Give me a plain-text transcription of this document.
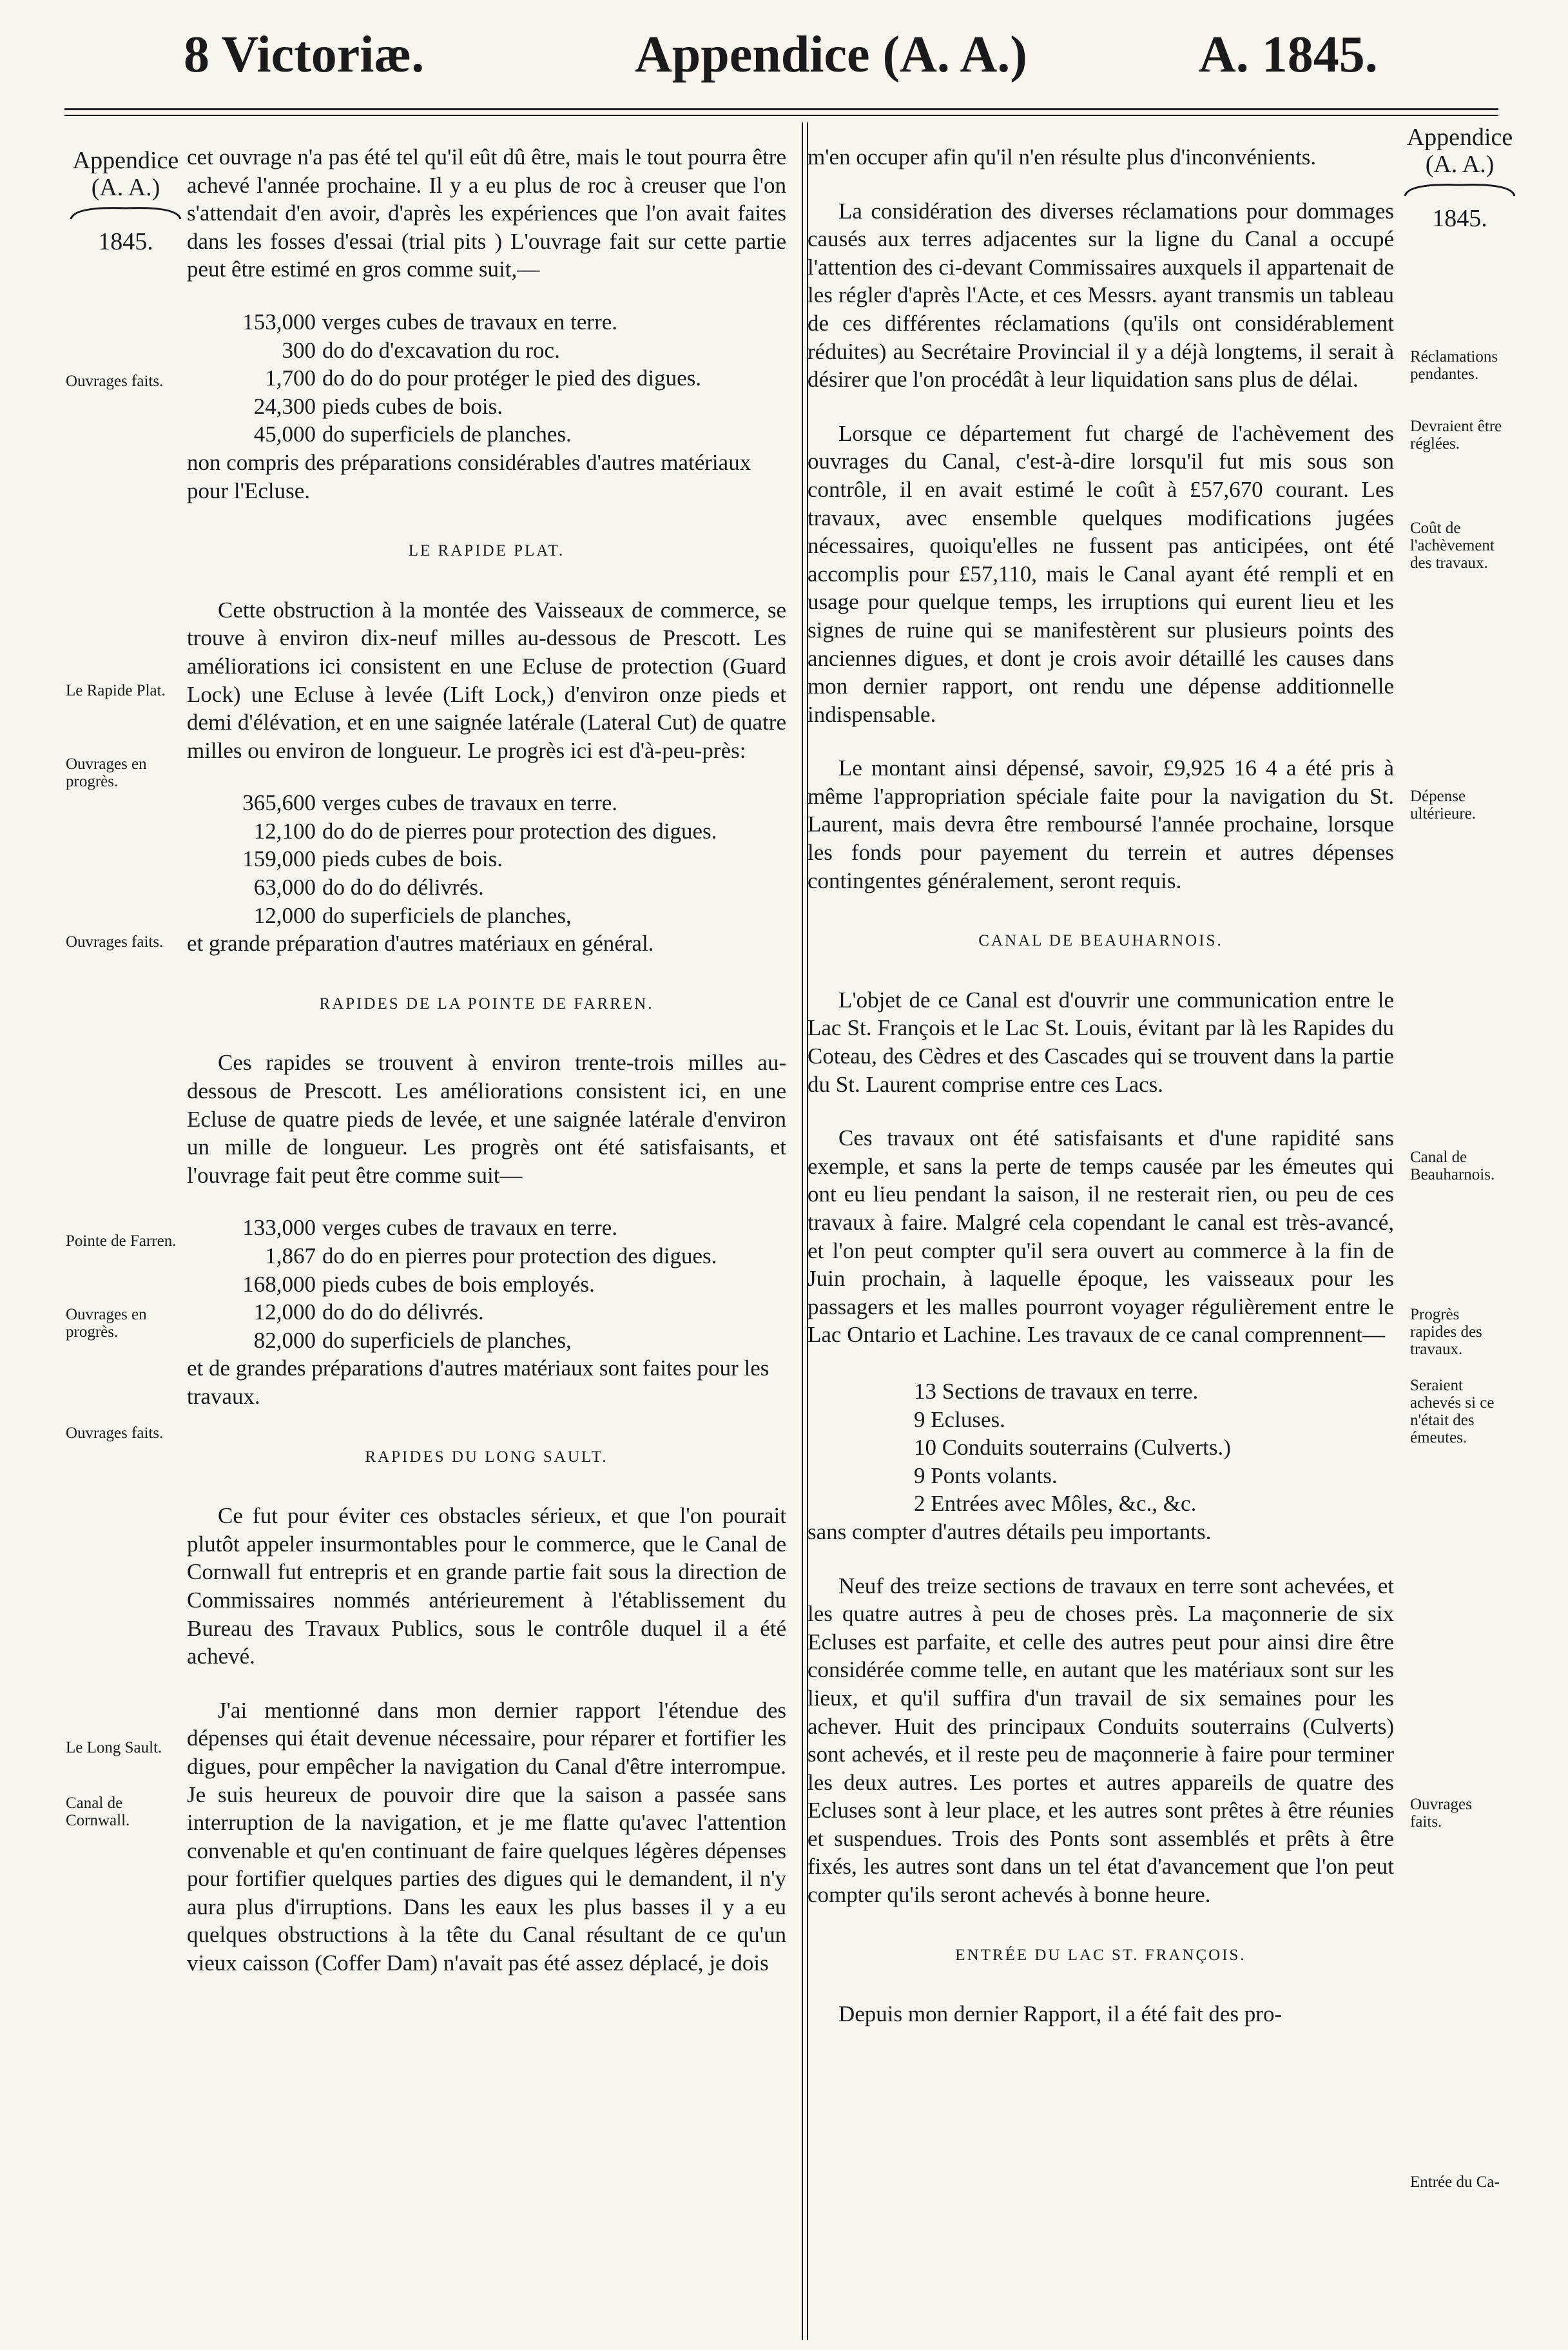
8 Victoriæ.	Appendice (A. A.)	A. 1845.
Appendice
(A. A.)
1845.
Appendice
(A. A.)
1845.
Ouvrages faits.
Le Rapide Plat.
Ouvrages en progrès.
Ouvrages faits.
Pointe de Farren.
Ouvrages en progrès.
Ouvrages faits.
Le Long Sault.
Canal de Cornwall.
Réclamations pendantes.
Devraient être réglées.
Coût de l'achèvement des travaux.
Dépense ultérieure.
Canal de Beauharnois.
Progrès rapides des travaux.
Seraient achevés si ce n'était des émeutes.
Ouvrages faits.
Entrée du Ca-

cet ouvrage n'a pas été tel qu'il eût dû être, mais le tout pourra être achevé l'année prochaine. Il y a eu plus de roc à creuser que l'on s'attendait d'en avoir, d'après les expériences que l'on avait faites dans les fosses d'essai (trial pits ) L'ouvrage fait sur cette partie peut être estimé en gros comme suit,—

153,000 verges cubes de travaux en terre.
300 do do d'excavation du roc.
1,700 do do do pour protéger le pied des digues.
24,300 pieds cubes de bois.
45,000 do superficiels de planches.
non compris des préparations considérables d'autres matériaux pour l'Ecluse.
LE RAPIDE PLAT.

Cette obstruction à la montée des Vaisseaux de commerce, se trouve à environ dix-neuf milles au-dessous de Prescott. Les améliorations ici consistent en une Ecluse de protection (Guard Lock) une Ecluse à levée (Lift Lock,) d'environ onze pieds et demi d'élévation, et en une saignée latérale (Lateral Cut) de quatre milles ou environ de longueur. Le progrès ici est d'à-peu-près:

365,600 verges cubes de travaux en terre.
12,100 do do de pierres pour protection des digues.
159,000 pieds cubes de bois.
63,000 do do do délivrés.
12,000 do superficiels de planches,
et grande préparation d'autres matériaux en général.
RAPIDES DE LA POINTE DE FARREN.

Ces rapides se trouvent à environ trente-trois milles au-dessous de Prescott. Les améliorations consistent ici, en une Ecluse de quatre pieds de levée, et une saignée latérale d'environ un mille de longueur. Les progrès ont été satisfaisants, et l'ouvrage fait peut être comme suit—

133,000 verges cubes de travaux en terre.
1,867 do do en pierres pour protection des digues.
168,000 pieds cubes de bois employés.
12,000 do do do délivrés.
82,000 do superficiels de planches,
et de grandes préparations d'autres matériaux sont faites pour les travaux.
RAPIDES DU LONG SAULT.

Ce fut pour éviter ces obstacles sérieux, et que l'on pourait plutôt appeler insurmontables pour le commerce, que le Canal de Cornwall fut entrepris et en grande partie fait sous la direction de Commissaires nommés antérieurement à l'établissement du Bureau des Travaux Publics, sous le contrôle duquel il a été achevé.

J'ai mentionné dans mon dernier rapport l'étendue des dépenses qui était devenue nécessaire, pour réparer et fortifier les digues, pour empêcher la navigation du Canal d'être interrompue. Je suis heureux de pouvoir dire que la saison a passée sans interruption de la navigation, et je me flatte qu'avec l'attention convenable et qu'en continuant de faire quelques légères dépenses pour fortifier quelques parties des digues qui le demandent, il n'y aura plus d'irruptions. Dans les eaux les plus basses il y a eu quelques obstructions à la tête du Canal résultant de ce qu'un vieux caisson (Coffer Dam) n'avait pas été assez déplacé, je dois

m'en occuper afin qu'il n'en résulte plus d'inconvénients.

La considération des diverses réclamations pour dommages causés aux terres adjacentes sur la ligne du Canal a occupé l'attention des ci-devant Commissaires auxquels il appartenait de les régler d'après l'Acte, et ces Messrs. ayant transmis un tableau de ces différentes réclamations (qu'ils ont considérablement réduites) au Secrétaire Provincial il y a déjà longtems, il serait à désirer que l'on procédât à leur liquidation sans plus de délai.

Lorsque ce département fut chargé de l'achèvement des ouvrages du Canal, c'est-à-dire lorsqu'il fut mis sous son contrôle, il en avait estimé le coût à £57,670 courant. Les travaux, avec ensemble quelques modifications jugées nécessaires, quoiqu'elles ne fussent pas anticipées, ont été accomplis pour £57,110, mais le Canal ayant été rempli et en usage pour quelque temps, les irruptions qui eurent lieu et les signes de ruine qui se manifestèrent sur plusieurs points des anciennes digues, et dont je crois avoir détaillé les causes dans mon dernier rapport, ont rendu une dépense additionnelle indispensable.

Le montant ainsi dépensé, savoir, £9,925 16 4 a été pris à même l'appropriation spéciale faite pour la navigation du St. Laurent, mais devra être remboursé l'année prochaine, lorsque les fonds pour payement du terrein et autres dépenses contingentes généralement, seront requis.

CANAL DE BEAUHARNOIS.

L'objet de ce Canal est d'ouvrir une communication entre le Lac St. François et le Lac St. Louis, évitant par là les Rapides du Coteau, des Cèdres et des Cascades qui se trouvent dans la partie du St. Laurent comprise entre ces Lacs.

Ces travaux ont été satisfaisants et d'une rapidité sans exemple, et sans la perte de temps causée par les émeutes qui ont eu lieu pendant la saison, il ne resterait rien, ou peu de ces travaux à faire. Malgré cela copendant le canal est très-avancé, et l'on peut compter qu'il sera ouvert au commerce à la fin de Juin prochain, à laquelle époque, les vaisseaux pour les passagers et les malles pourront voyager régulièrement entre le Lac Ontario et Lachine. Les travaux de ce canal comprennent—

13 Sections de travaux en terre.
9 Ecluses.
10 Conduits souterrains (Culverts.)
9 Ponts volants.
2 Entrées avec Môles, &c., &c.

sans compter d'autres détails peu importants.

Neuf des treize sections de travaux en terre sont achevées, et les quatre autres à peu de choses près. La maçonnerie de six Ecluses est parfaite, et celle des autres peut pour ainsi dire être considérée comme telle, en autant que les matériaux sont sur les lieux, et qu'il suffira d'un travail de six semaines pour les achever. Huit des principaux Conduits souterrains (Culverts) sont achevés, et il reste peu de maçonnerie à faire pour terminer les deux autres. Les portes et autres appareils de quatre des Ecluses sont à leur place, et les autres sont prêtes à être réunies et suspendues. Trois des Ponts sont assemblés et prêts à être fixés, les autres sont dans un tel état d'avancement que l'on peut compter qu'ils seront achevés à bonne heure.

ENTRÉE DU LAC ST. FRANÇOIS.

Depuis mon dernier Rapport, il a été fait des pro-
